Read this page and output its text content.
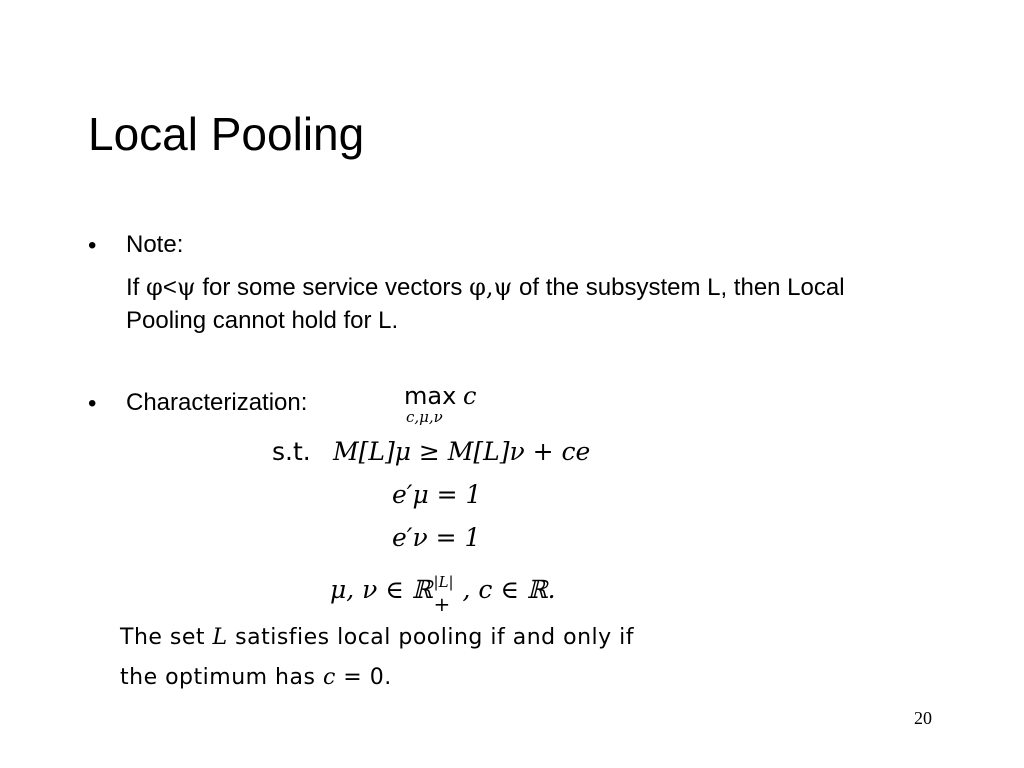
Local Pooling
• Note:
If φ<ψ for some service vectors φ,ψ of the subsystem L, then Local
Pooling cannot hold for L.
• Characterization:	max c
c,μ,ν
s.t. M[L]μ ≥ M[L]ν + ce
e′μ = 1
e′ν = 1
μ, ν ∈ ℝ |L|
+ , c ∈ ℝ.
The set L satisfies local pooling if and only if
the optimum has c = 0.
20
